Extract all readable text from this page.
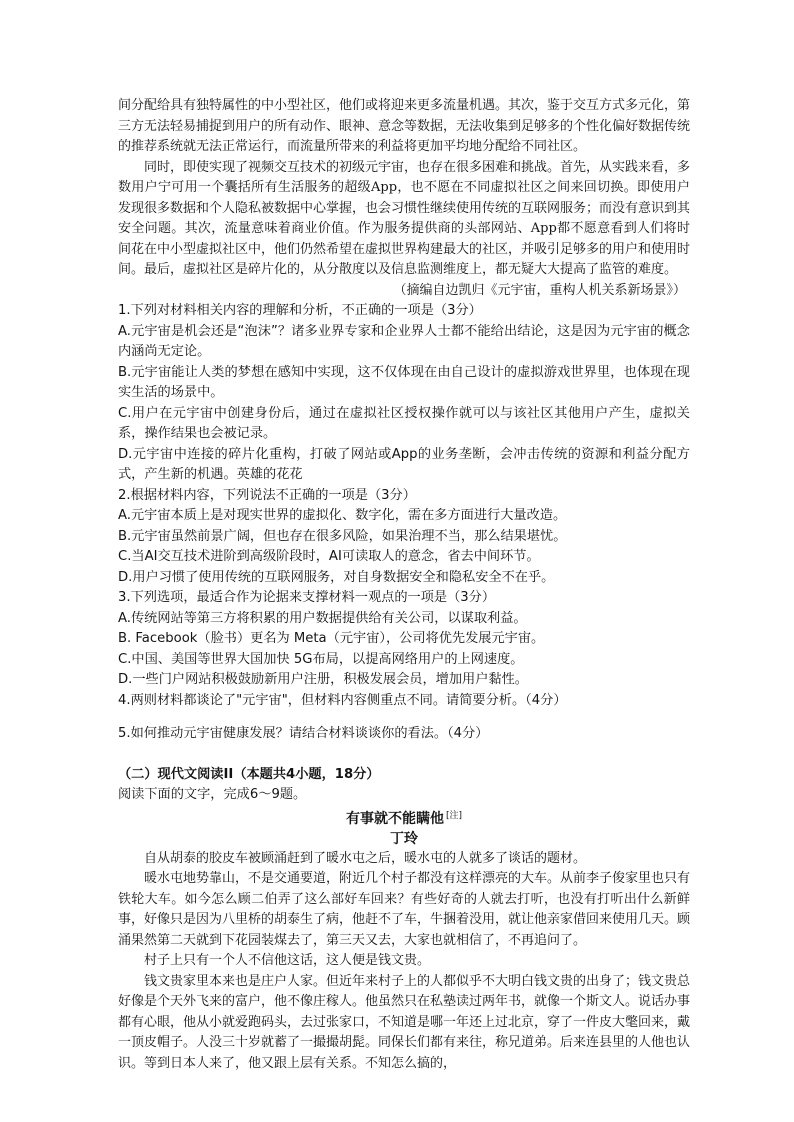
间分配给具有独特属性的中小型社区，他们或将迎来更多流量机遇。其次，鉴于交互方式多元化，第三方无法轻易捕捉到用户的所有动作、眼神、意念等数据，无法收集到足够多的个性化偏好数据传统的推荐系统就无法正常运行，而流量所带来的利益将更加平均地分配给不同社区。

同时，即使实现了视频交互技术的初级元宇宙，也存在很多困难和挑战。首先，从实践来看，多数用户宁可用一个囊括所有生活服务的超级App，也不愿在不同虚拟社区之间来回切换。即使用户发现很多数据和个人隐私被数据中心掌握，也会习惯性继续使用传统的互联网服务；而没有意识到其安全问题。其次，流量意味着商业价值。作为服务提供商的头部网站、App都不愿意看到人们将时间花在中小型虚拟社区中，他们仍然希望在虚拟世界构建最大的社区，并吸引足够多的用户和使用时间。最后，虚拟社区是碎片化的，从分散度以及信息监测维度上，都无疑大大提高了监管的难度。

（摘编自边凯归《元宇宙，重构人机关系新场景》）

1.下列对材料相关内容的理解和分析，不正确的一项是（3分）

A.元宇宙是机会还是“泡沫”？诸多业界专家和企业界人士都不能给出结论，这是因为元宇宙的概念内涵尚无定论。

B.元宇宙能让人类的梦想在感知中实现，这不仅体现在由自己设计的虚拟游戏世界里，也体现在现实生活的场景中。

C.用户在元宇宙中创建身份后，通过在虚拟社区授权操作就可以与该社区其他用户产生，虚拟关系，操作结果也会被记录。

D.元宇宙中连接的碎片化重构，打破了网站或App的业务垄断，会冲击传统的资源和利益分配方式，产生新的机遇。英雄的花花

2.根据材料内容，下列说法不正确的一项是（3分）

A.元宇宙本质上是对现实世界的虚拟化、数字化，需在多方面进行大量改造。

B.元宇宙虽然前景广阔，但也存在很多风险，如果治理不当，那么结果堪忧。

C.当AI交互技术进阶到高级阶段时，AI可读取人的意念，省去中间环节。

D.用户习惯了使用传统的互联网服务，对自身数据安全和隐私安全不在乎。

3.下列选项，最适合作为论据来支撑材料一观点的一项是（3分）

A.传统网站等第三方将积累的用户数据提供给有关公司，以谋取利益。

B. Facebook（脸书）更名为 Meta（元宇宙），公司将优先发展元宇宙。

C.中国、美国等世界大国加快 5G布局，以提高网络用户的上网速度。

D.一些门户网站积极鼓励新用户注册，积极发展会员，增加用户黏性。

4.两则材料都谈论了"元宇宙"，但材料内容侧重点不同。请简要分析。（4分）

5.如何推动元宇宙健康发展？请结合材料谈谈你的看法。（4分）

（二）现代文阅读II（本题共4小题，18分）

阅读下面的文字，完成6～9题。

有事就不能瞒他 [注]

丁玲

自从胡泰的胶皮车被顾涌赶到了暖水屯之后，暖水屯的人就多了谈话的题材。

暖水屯地势靠山，不是交通要道，附近几个村子都没有这样漂亮的大车。从前李子俊家里也只有铁轮大车。如今怎么顾二伯弄了这么部好车回来？有些好奇的人就去打听，也没有打听出什么新鲜事，好像只是因为八里桥的胡泰生了病，他赶不了车，牛捆着没用，就让他亲家借回来使用几天。顾涌果然第二天就到下花园装煤去了，第三天又去，大家也就相信了，不再追问了。

村子上只有一个人不信他这话，这人便是钱文贵。

钱文贵家里本来也是庄户人家。但近年来村子上的人都似乎不大明白钱文贵的出身了；钱文贵总好像是个天外飞来的富户，他不像庄稼人。他虽然只在私塾读过两年书，就像一个斯文人。说话办事都有心眼，他从小就爱跑码头，去过张家口，不知道是哪一年还上过北京，穿了一件皮大氅回来，戴一顶皮帽子。人没三十岁就蓄了一撮撮胡髭。同保长们都有来往，称兄道弟。后来连县里的人他也认识。等到日本人来了，他又跟上层有关系。不知怎么搞的，
